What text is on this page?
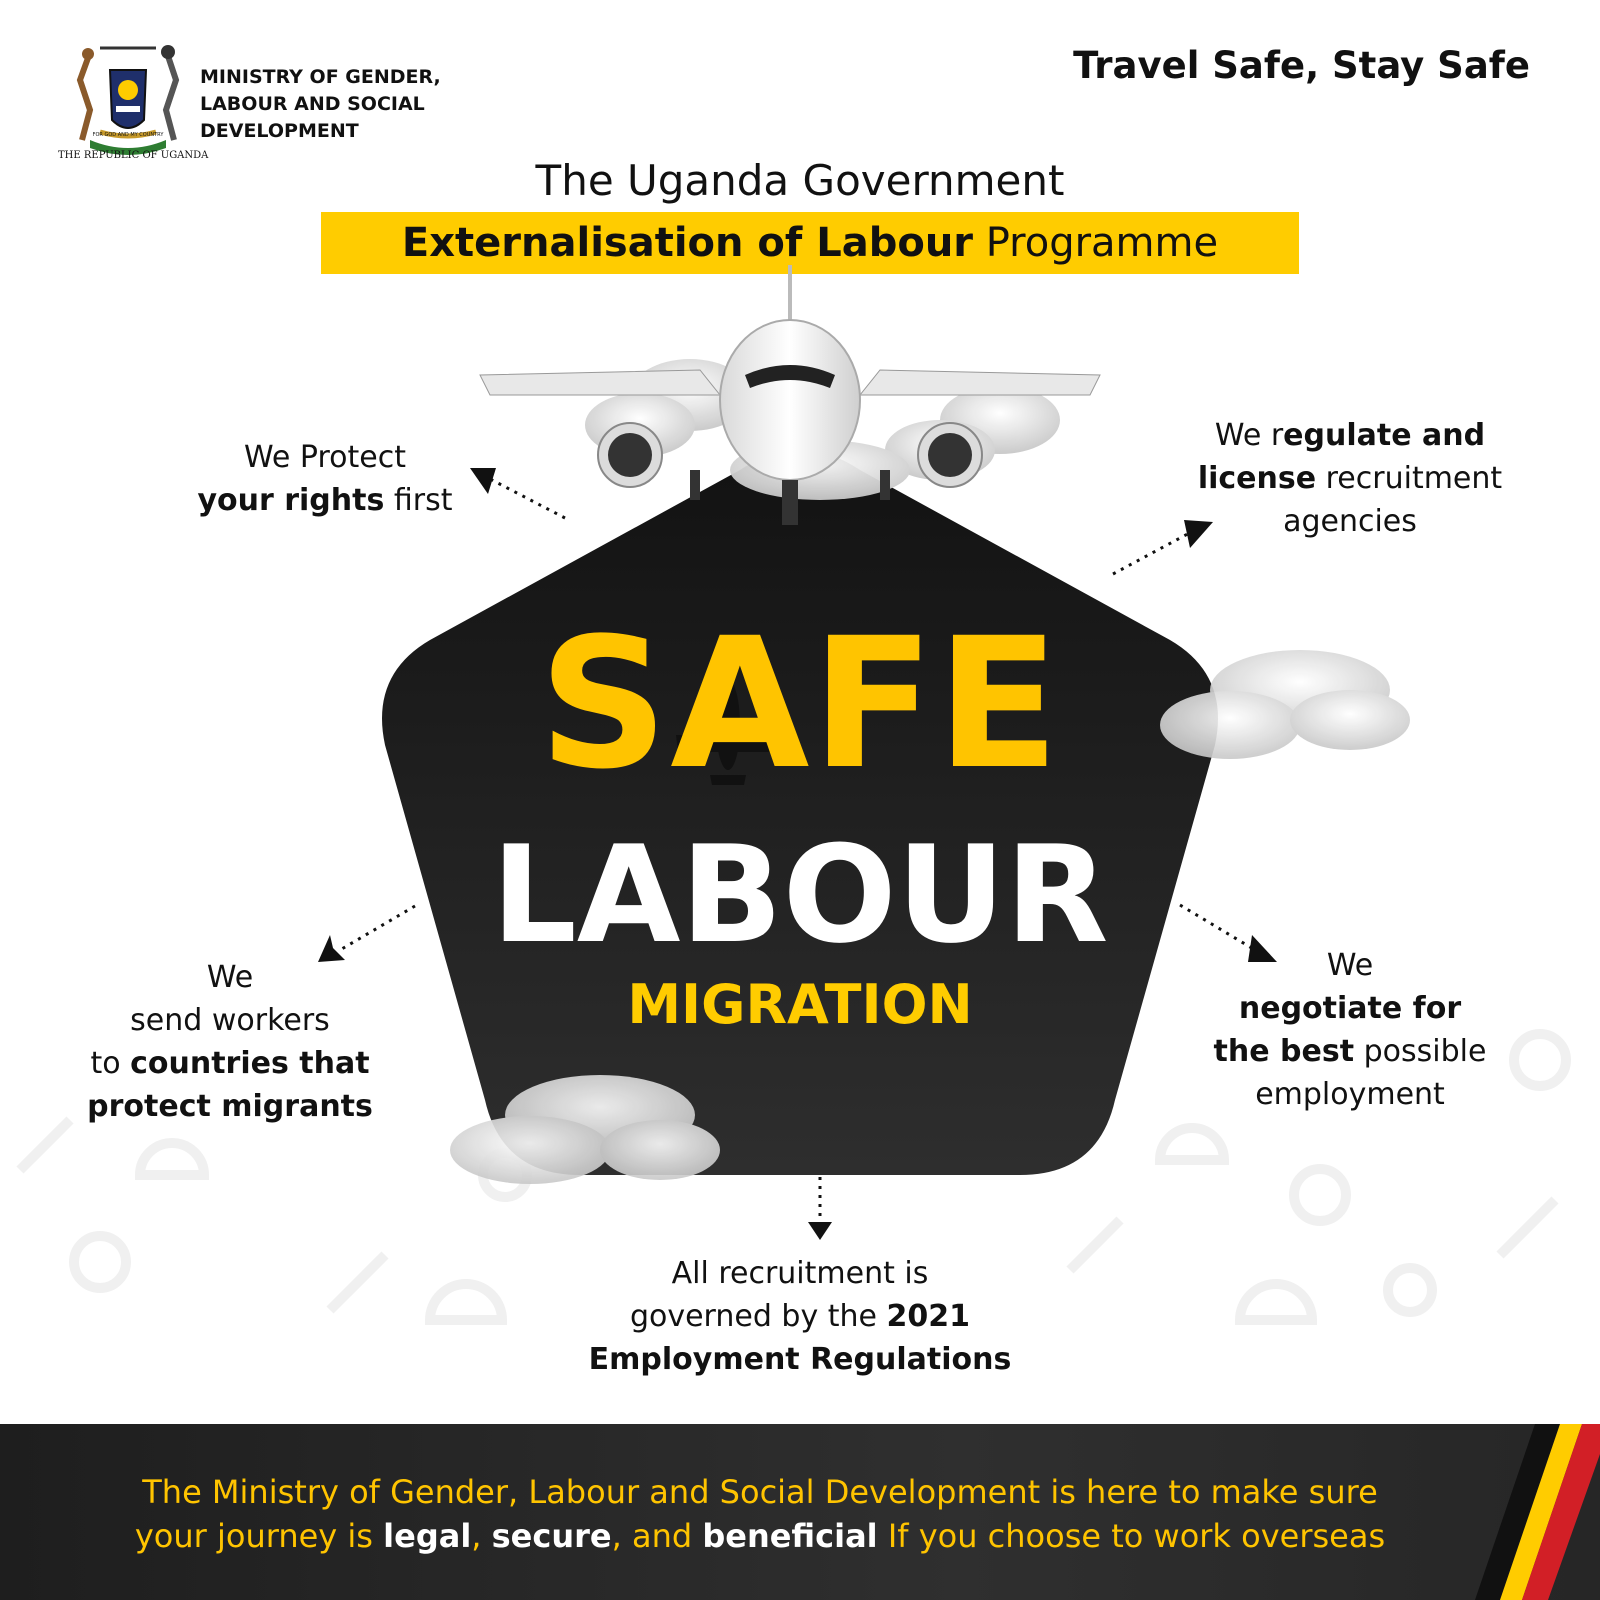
FOR GOD AND MY COUNTRY
THE REPUBLIC OF UGANDA
MINISTRY OF GENDER,
LABOUR AND SOCIAL
DEVELOPMENT
Travel Safe, Stay Safe
The Uganda Government
Externalisation of Labour Programme
SAFE
LABOUR
MIGRATION
We Protect
your rights first
We regulate and
license recruitment
agencies
We
send workers
to countries that
protect migrants
We
negotiate for
the best possible
employment
All recruitment is
governed by the 2021
Employment Regulations
The Ministry of Gender, Labour and Social Development is here to make sure
your journey is legal, secure, and beneficial If you choose to work overseas
